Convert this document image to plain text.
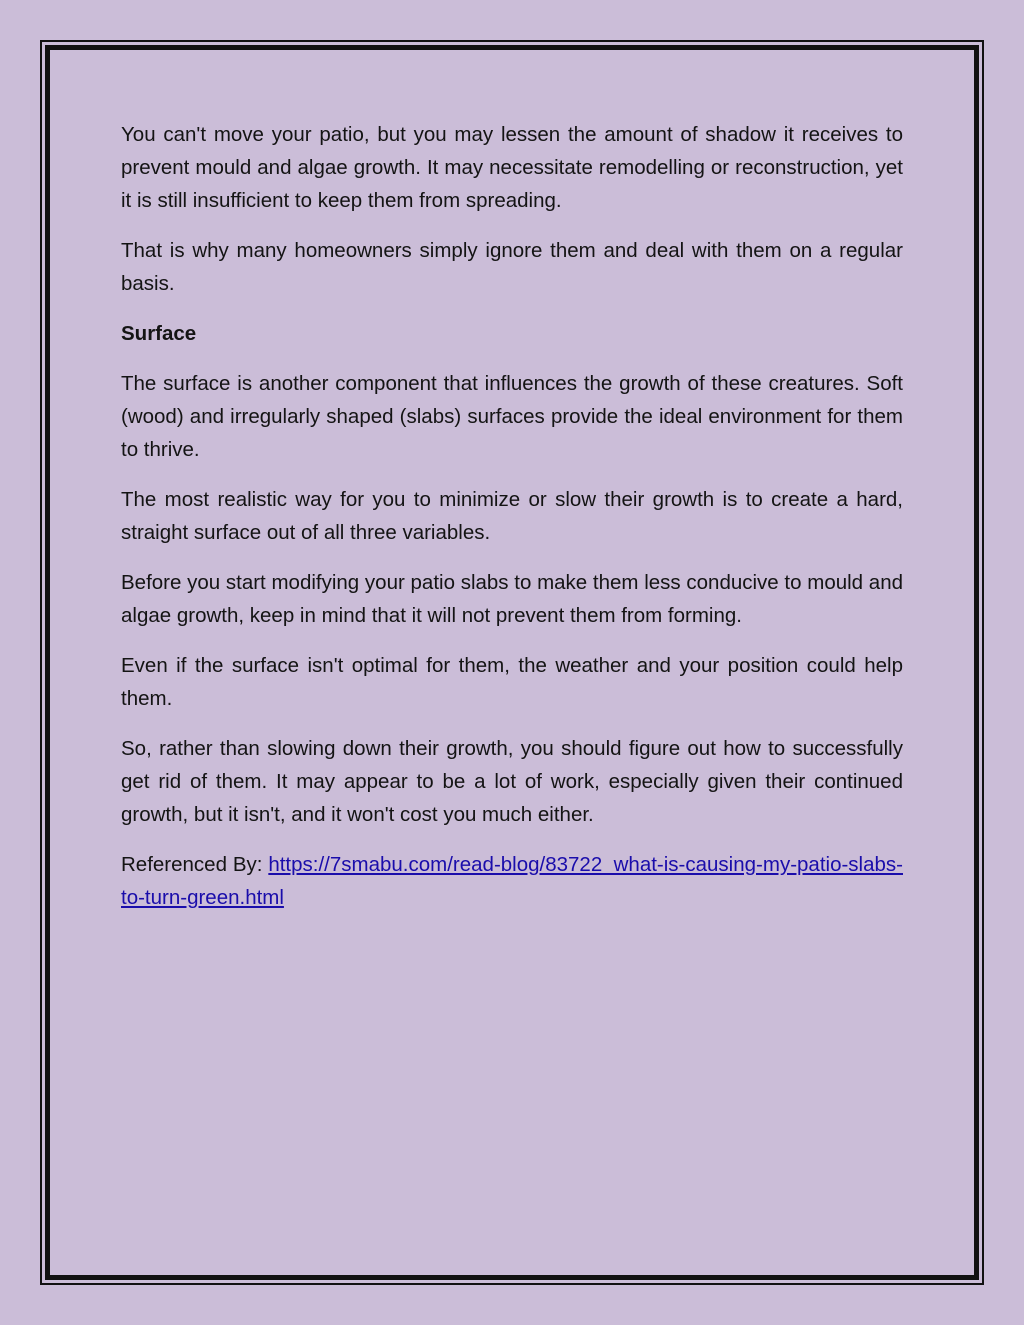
You can't move your patio, but you may lessen the amount of shadow it receives to prevent mould and algae growth. It may necessitate remodelling or reconstruction, yet it is still insufficient to keep them from spreading.

That is why many homeowners simply ignore them and deal with them on a regular basis.

Surface

The surface is another component that influences the growth of these creatures. Soft (wood) and irregularly shaped (slabs) surfaces provide the ideal environment for them to thrive.

The most realistic way for you to minimize or slow their growth is to create a hard, straight surface out of all three variables.

Before you start modifying your patio slabs to make them less conducive to mould and algae growth, keep in mind that it will not prevent them from forming.

Even if the surface isn't optimal for them, the weather and your position could help them.

So, rather than slowing down their growth, you should figure out how to successfully get rid of them. It may appear to be a lot of work, especially given their continued growth, but it isn't, and it won't cost you much either.

Referenced By: https://7smabu.com/read-blog/83722_what-is-causing-my-patio-slabs-to-turn-green.html
